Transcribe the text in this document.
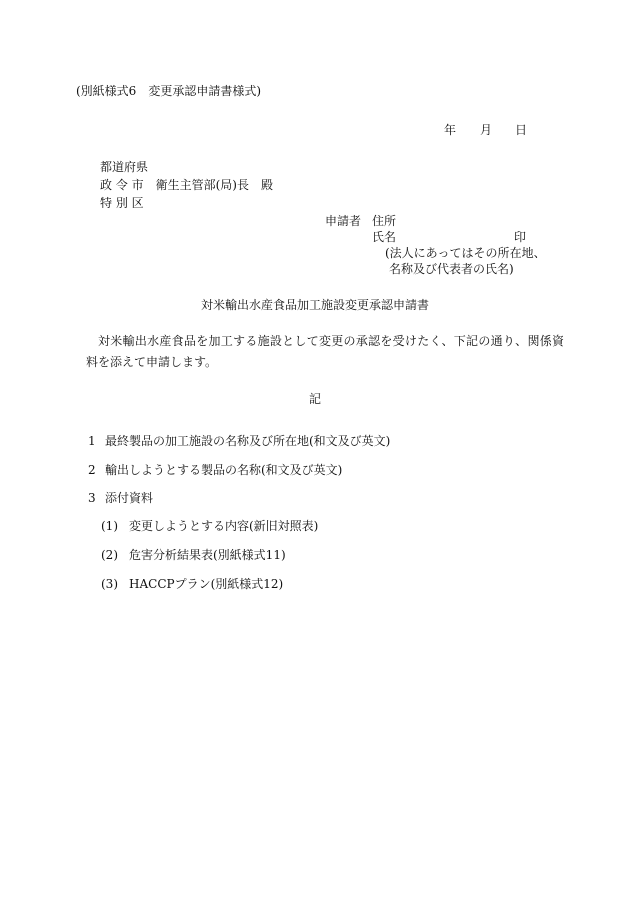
(別紙様式6　変更承認申請書様式)
年 月 日
都道府県
政 令 市　衛生主管部(局)長　殿
特 別 区
申請者 住所
氏名	印
(法人にあってはその所在地、
名称及び代表者の氏名)
対米輸出水産食品加工施設変更承認申請書
対米輸出水産食品を加工する施設として変更の承認を受けたく、下記の通り、関係資料を添えて申請します。
記
1 最終製品の加工施設の名称及び所在地(和文及び英文)
2 輸出しようとする製品の名称(和文及び英文)
3 添付資料
(1) 変更しようとする内容(新旧対照表)
(2) 危害分析結果表(別紙様式11)
(3) HACCPプラン(別紙様式12)
